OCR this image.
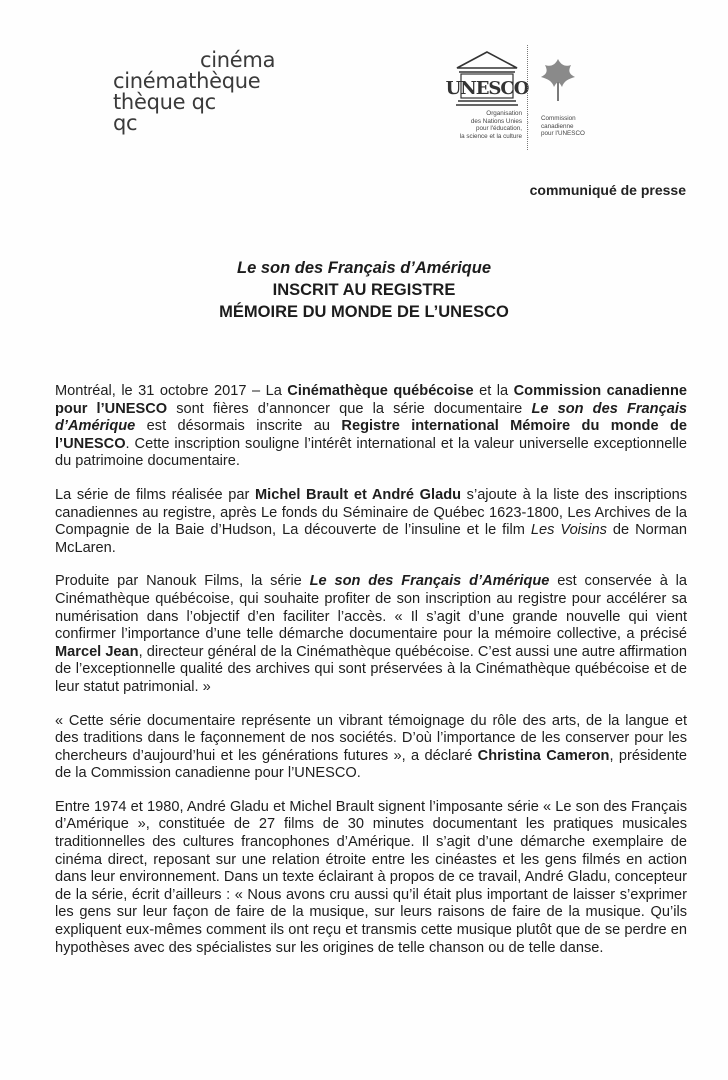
cinéma
cinémathèque
thèque qc
qc
UNESCO
Organisation
des Nations Unies
pour l'éducation,
la science et la culture
·
·
·
·
Commission
canadienne
pour l'UNESCO
communiqué de presse
Le son des Français d’Amérique
INSCRIT AU REGISTRE
MÉMOIRE DU MONDE DE L’UNESCO

Montréal, le 31 octobre 2017 – La Cinémathèque québécoise et la Commission canadienne pour l’UNESCO sont fières d’annoncer que la série documentaire Le son des Français d’Amérique est désormais inscrite au Registre international Mémoire du monde de l’UNESCO. Cette inscription souligne l’intérêt international et la valeur universelle exceptionnelle du patrimoine documentaire.

La série de films réalisée par Michel Brault et André Gladu s’ajoute à la liste des inscriptions canadiennes au registre, après Le fonds du Séminaire de Québec 1623-1800, Les Archives de la Compagnie de la Baie d’Hudson, La découverte de l’insuline et le film Les Voisins de Norman McLaren.

Produite par Nanouk Films, la série Le son des Français d’Amérique est conservée à la Cinémathèque québécoise, qui souhaite profiter de son inscription au registre pour accélérer sa numérisation dans l’objectif d’en faciliter l’accès. « Il s’agit d’une grande nouvelle qui vient confirmer l’importance d’une telle démarche documentaire pour la mémoire collective, a précisé Marcel Jean, directeur général de la Cinémathèque québécoise. C’est aussi une autre affirmation de l’exceptionnelle qualité des archives qui sont préservées à la Cinémathèque québécoise et de leur statut patrimonial. »

« Cette série documentaire représente un vibrant témoignage du rôle des arts, de la langue et des traditions dans le façonnement de nos sociétés. D’où l’importance de les conserver pour les chercheurs d’aujourd’hui et les générations futures », a déclaré Christina Cameron, présidente de la Commission canadienne pour l’UNESCO.

Entre 1974 et 1980, André Gladu et Michel Brault signent l’imposante série « Le son des Français d’Amérique », constituée de 27 films de 30 minutes documentant les pratiques musicales traditionnelles des cultures francophones d’Amérique. Il s’agit d’une démarche exemplaire de cinéma direct, reposant sur une relation étroite entre les cinéastes et les gens filmés en action dans leur environnement. Dans un texte éclairant à propos de ce travail, André Gladu, concepteur de la série, écrit d’ailleurs : « Nous avons cru aussi qu’il était plus important de laisser s’exprimer les gens sur leur façon de faire de la musique, sur leurs raisons de faire de la musique. Qu’ils expliquent eux-mêmes comment ils ont reçu et transmis cette musique plutôt que de se perdre en hypothèses avec des spécialistes sur les origines de telle chanson ou de telle danse.
